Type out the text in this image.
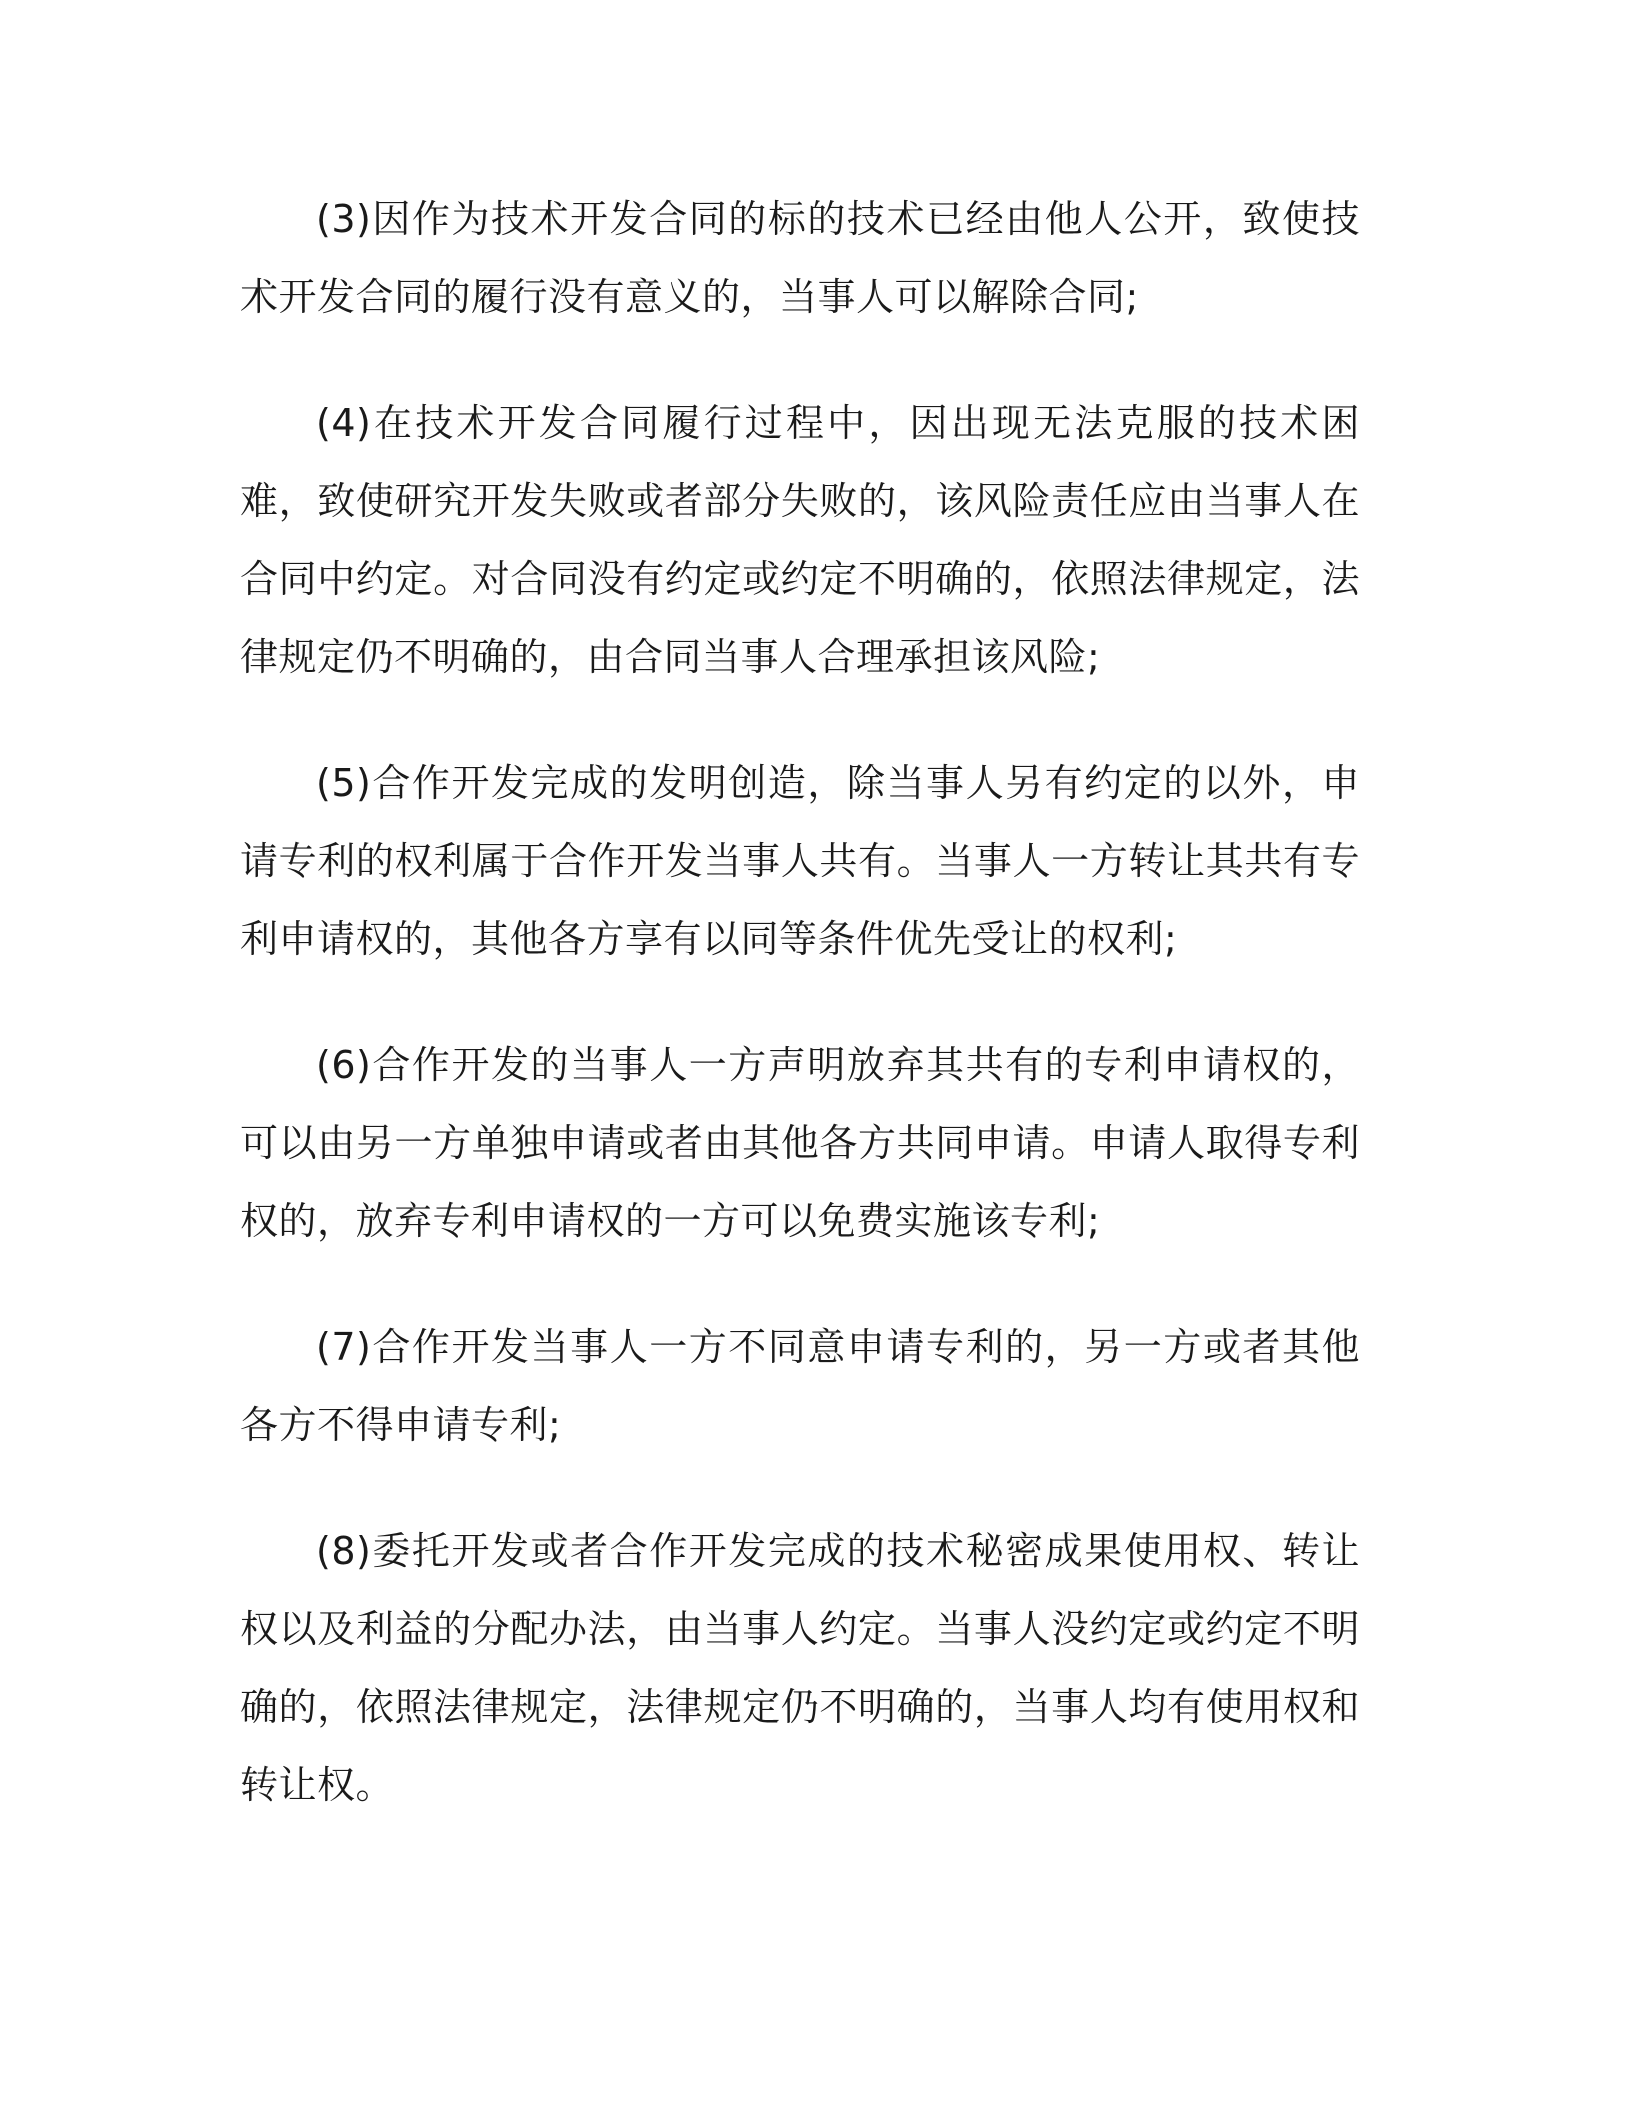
(3)因作为技术开发合同的标的技术已经由他人公开，致使技术开发合同的履行没有意义的，当事人可以解除合同;

(4)在技术开发合同履行过程中，因出现无法克服的技术困难，致使研究开发失败或者部分失败的，该风险责任应由当事人在合同中约定。对合同没有约定或约定不明确的，依照法律规定，法律规定仍不明确的，由合同当事人合理承担该风险;

(5)合作开发完成的发明创造，除当事人另有约定的以外，申请专利的权利属于合作开发当事人共有。当事人一方转让其共有专利申请权的，其他各方享有以同等条件优先受让的权利;

(6)合作开发的当事人一方声明放弃其共有的专利申请权的，可以由另一方单独申请或者由其他各方共同申请。申请人取得专利权的，放弃专利申请权的一方可以免费实施该专利;

(7)合作开发当事人一方不同意申请专利的，另一方或者其他各方不得申请专利;

(8)委托开发或者合作开发完成的技术秘密成果使用权、转让权以及利益的分配办法，由当事人约定。当事人没约定或约定不明确的，依照法律规定，法律规定仍不明确的，当事人均有使用权和转让权。
